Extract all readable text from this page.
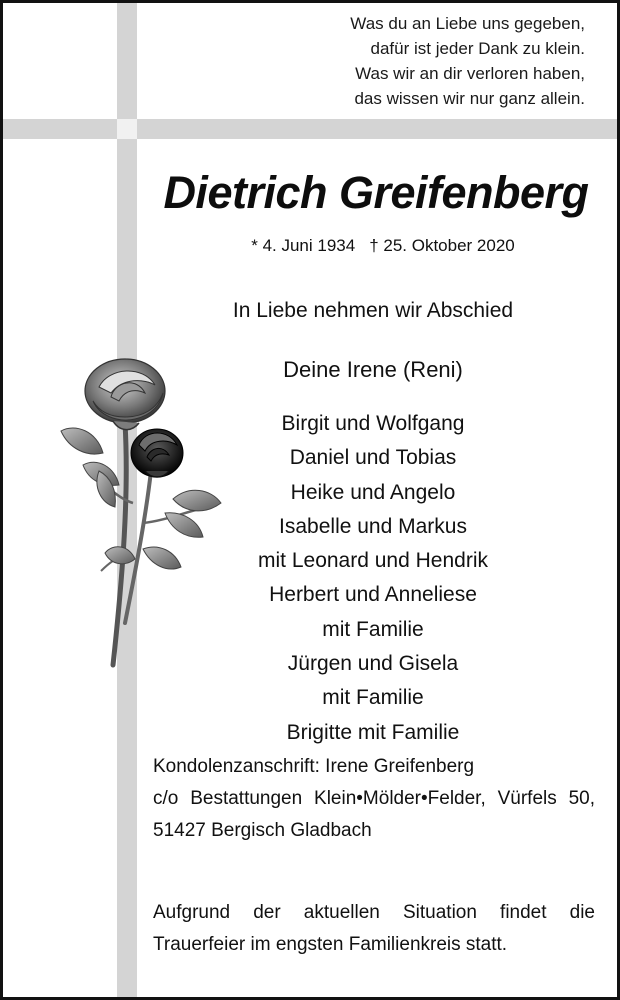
Was du an Liebe uns gegeben,
dafür ist jeder Dank zu klein.
Was wir an dir verloren haben,
das wissen wir nur ganz allein.
Dietrich Greifenberg
* 4. Juni 1934 † 25. Oktober 2020
In Liebe nehmen wir Abschied
Deine Irene (Reni)
Birgit und Wolfgang
Daniel und Tobias
Heike und Angelo
Isabelle und Markus
mit Leonard und Hendrik
Herbert und Anneliese
mit Familie
Jürgen und Gisela
mit Familie
Brigitte mit Familie
Kondolenzanschrift: Irene Greifenberg
c/o Bestattungen Klein•Mölder•Felder, Vürfels 50,
51427 Bergisch Gladbach
Aufgrund der aktuellen Situation findet die
Trauerfeier im engsten Familienkreis statt.
